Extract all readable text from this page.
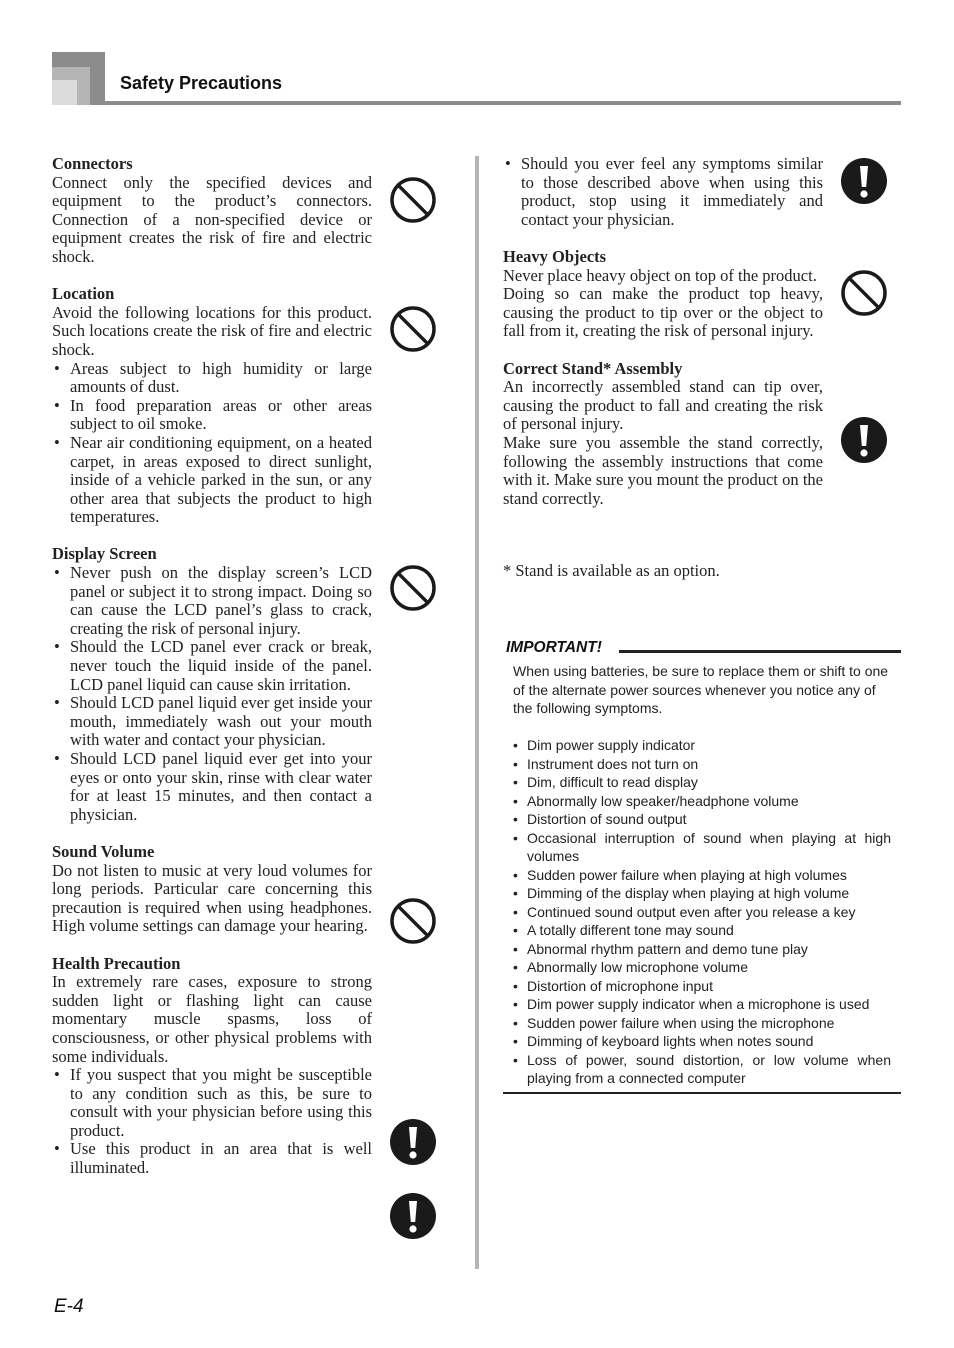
Safety Precautions
Connectors

Connect only the specified devices and equipment to the product’s connectors. Connection of a non-specified device or equipment creates the risk of fire and electric shock.

Location

Avoid the following locations for this product. Such locations create the risk of fire and electric shock.

• Areas subject to high humidity or large amounts of dust.
• In food preparation areas or other areas subject to oil smoke.
• Near air conditioning equipment, on a heated carpet, in areas exposed to direct sunlight, inside of a vehicle parked in the sun, or any other area that subjects the product to high temperatures.
Display Screen
• Never push on the display screen’s LCD panel or subject it to strong impact. Doing so can cause the LCD panel’s glass to crack, creating the risk of personal injury.
• Should the LCD panel ever crack or break, never touch the liquid inside of the panel. LCD panel liquid can cause skin irritation.
• Should LCD panel liquid ever get inside your mouth, immediately wash out your mouth with water and contact your physician.
• Should LCD panel liquid ever get into your eyes or onto your skin, rinse with clear water for at least 15 minutes, and then contact a physician.
Sound Volume

Do not listen to music at very loud volumes for long periods. Particular care concerning this precaution is required when using headphones. High volume settings can damage your hearing.

Health Precaution

In extremely rare cases, exposure to strong sudden light or flashing light can cause momentary muscle spasms, loss of consciousness, or other physical problems with some individuals.

• If you suspect that you might be susceptible to any condition such as this, be sure to consult with your physician before using this product.
• Use this product in an area that is well illuminated.
• Should you ever feel any symptoms similar to those described above when using this product, stop using it immediately and contact your physician.
Heavy Objects

Never place heavy object on top of the product.

Doing so can make the product top heavy, causing the product to tip over or the object to fall from it, creating the risk of personal injury.

Correct Stand* Assembly

An incorrectly assembled stand can tip over, causing the product to fall and creating the risk of personal injury.

Make sure you assemble the stand correctly, following the assembly instructions that come with it. Make sure you mount the product on the stand correctly.

* Stand is available as an option.
IMPORTANT!

When using batteries, be sure to replace them or shift to one of the alternate power sources whenever you notice any of the following symptoms.

• Dim power supply indicator
• Instrument does not turn on
• Dim, difficult to read display
• Abnormally low speaker/headphone volume
• Distortion of sound output
• Occasional interruption of sound when playing at high volumes
• Sudden power failure when playing at high volumes
• Dimming of the display when playing at high volume
• Continued sound output even after you release a key
• A totally different tone may sound
• Abnormal rhythm pattern and demo tune play
• Abnormally low microphone volume
• Distortion of microphone input
• Dim power supply indicator when a microphone is used
• Sudden power failure when using the microphone
• Dimming of keyboard lights when notes sound
• Loss of power, sound distortion, or low volume when playing from a connected computer
E-4
